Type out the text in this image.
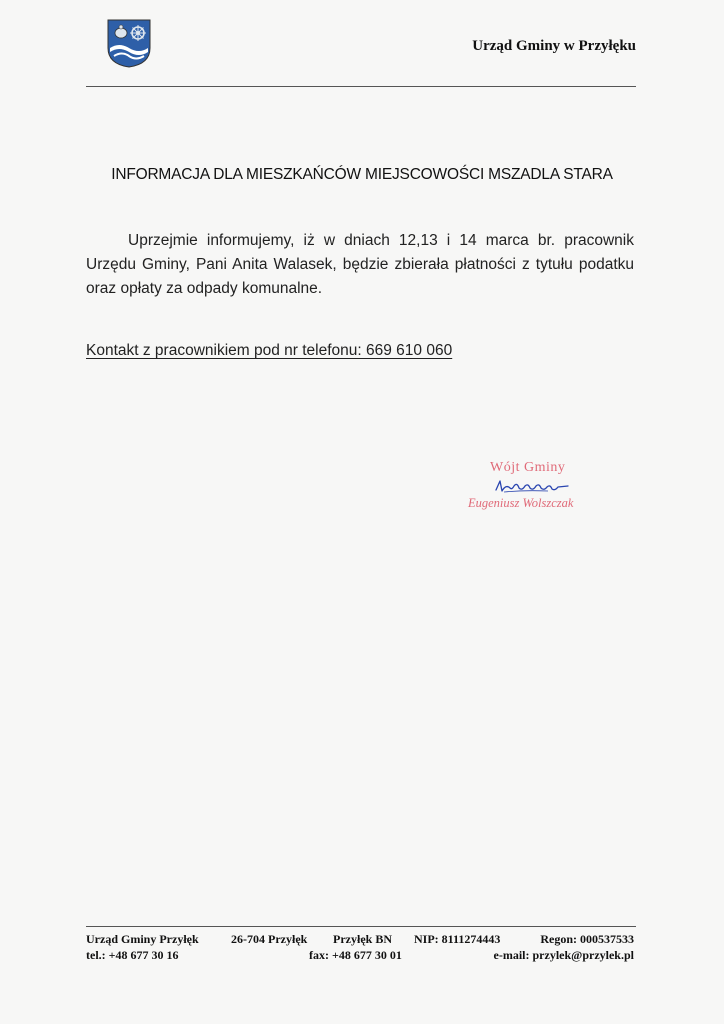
Urząd Gminy w Przyłęku
INFORMACJA DLA MIESZKAŃCÓW MIEJSCOWOŚCI MSZADLA STARA

Uprzejmie informujemy, iż w dniach 12,13 i 14 marca br. pracownik Urzędu Gminy, Pani Anita Walasek, będzie zbierała płatności z tytułu podatku oraz opłaty za odpady komunalne.

Kontakt z pracownikiem pod nr telefonu: 669 610 060
Wójt Gminy
Eugeniusz Wolszczak
Urząd Gminy Przyłęk	26-704 Przyłęk Przyłęk BN NIP: 8111274443	Regon: 000537533
tel.: +48 677 30 16	fax: +48 677 30 01	e-mail: przylek@przylek.pl
